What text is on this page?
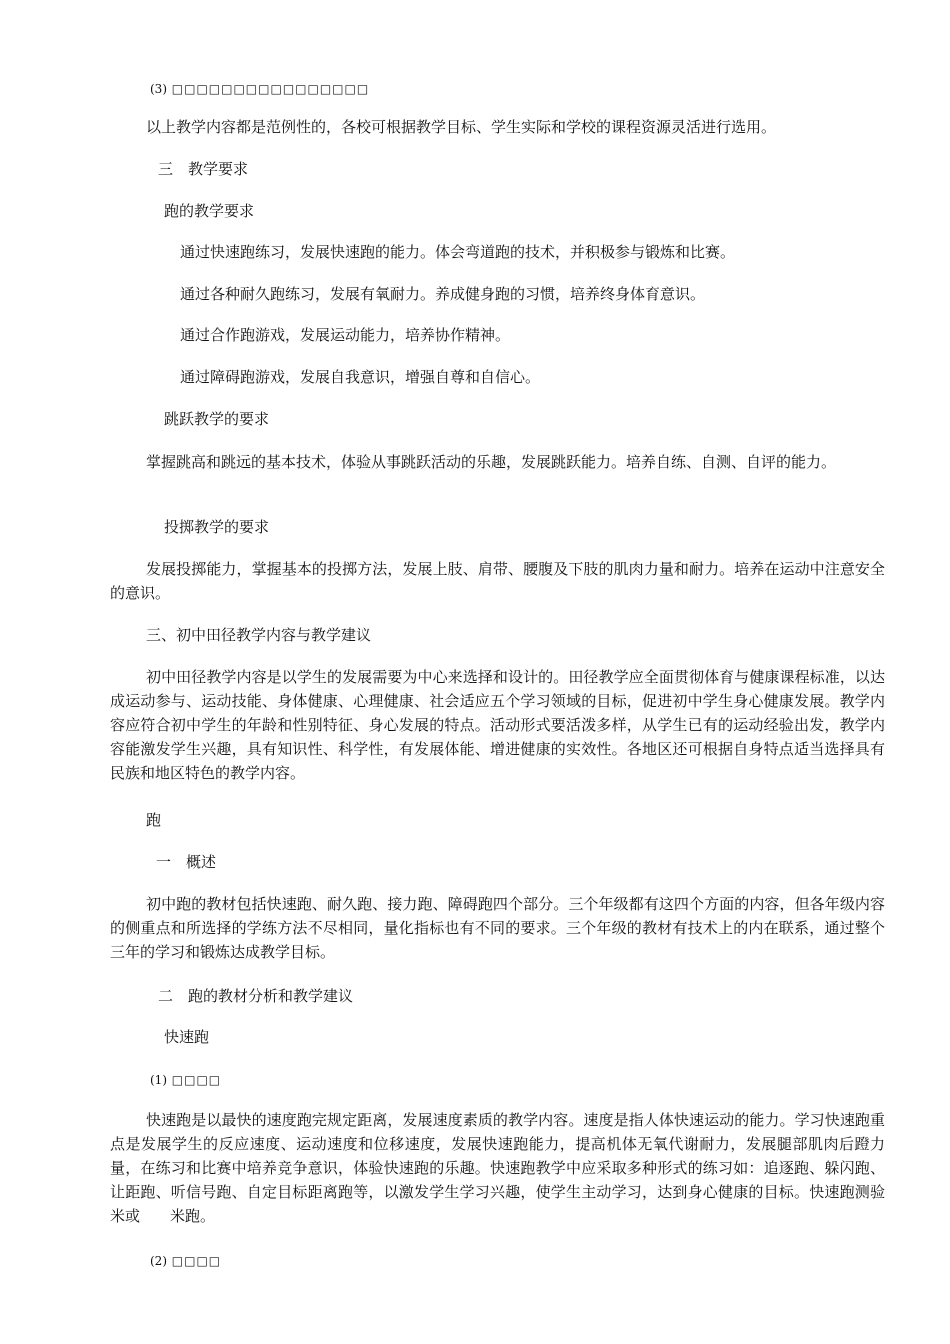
(3) □□□□□□□□□□□□□□□□
以上教学内容都是范例性的，各校可根据教学目标、学生实际和学校的课程资源灵活进行选用。
三　教学要求
跑的教学要求
通过快速跑练习，发展快速跑的能力。体会弯道跑的技术，并积极参与锻炼和比赛。
通过各种耐久跑练习，发展有氧耐力。养成健身跑的习惯，培养终身体育意识。
通过合作跑游戏，发展运动能力，培养协作精神。
通过障碍跑游戏，发展自我意识，增强自尊和自信心。
跳跃教学的要求
掌握跳高和跳远的基本技术，体验从事跳跃活动的乐趣，发展跳跃能力。培养自练、自测、自评的能力。
投掷教学的要求
发展投掷能力，掌握基本的投掷方法，发展上肢、肩带、腰腹及下肢的肌肉力量和耐力。培养在运动中注意安全的意识。
三、初中田径教学内容与教学建议
初中田径教学内容是以学生的发展需要为中心来选择和设计的。田径教学应全面贯彻体育与健康课程标准，以达成运动参与、运动技能、身体健康、心理健康、社会适应五个学习领域的目标，促进初中学生身心健康发展。教学内容应符合初中学生的年龄和性别特征、身心发展的特点。活动形式要活泼多样，从学生已有的运动经验出发，教学内容能激发学生兴趣，具有知识性、科学性，有发展体能、增进健康的实效性。各地区还可根据自身特点适当选择具有民族和地区特色的教学内容。
跑
一　概述
初中跑的教材包括快速跑、耐久跑、接力跑、障碍跑四个部分。三个年级都有这四个方面的内容，但各年级内容的侧重点和所选择的学练方法不尽相同，量化指标也有不同的要求。三个年级的教材有技术上的内在联系，通过整个三年的学习和锻炼达成教学目标。
二　跑的教材分析和教学建议
快速跑
(1) □□□□
快速跑是以最快的速度跑完规定距离，发展速度素质的教学内容。速度是指人体快速运动的能力。学习快速跑重点是发展学生的反应速度、运动速度和位移速度，发展快速跑能力，提高机体无氧代谢耐力，发展腿部肌肉后蹬力量，在练习和比赛中培养竞争意识，体验快速跑的乐趣。快速跑教学中应采取多种形式的练习如：追逐跑、躲闪跑、让距跑、听信号跑、自定目标距离跑等，以激发学生学习兴趣，使学生主动学习，达到身心健康的目标。快速跑测验　　米或　　米跑。
(2) □□□□
